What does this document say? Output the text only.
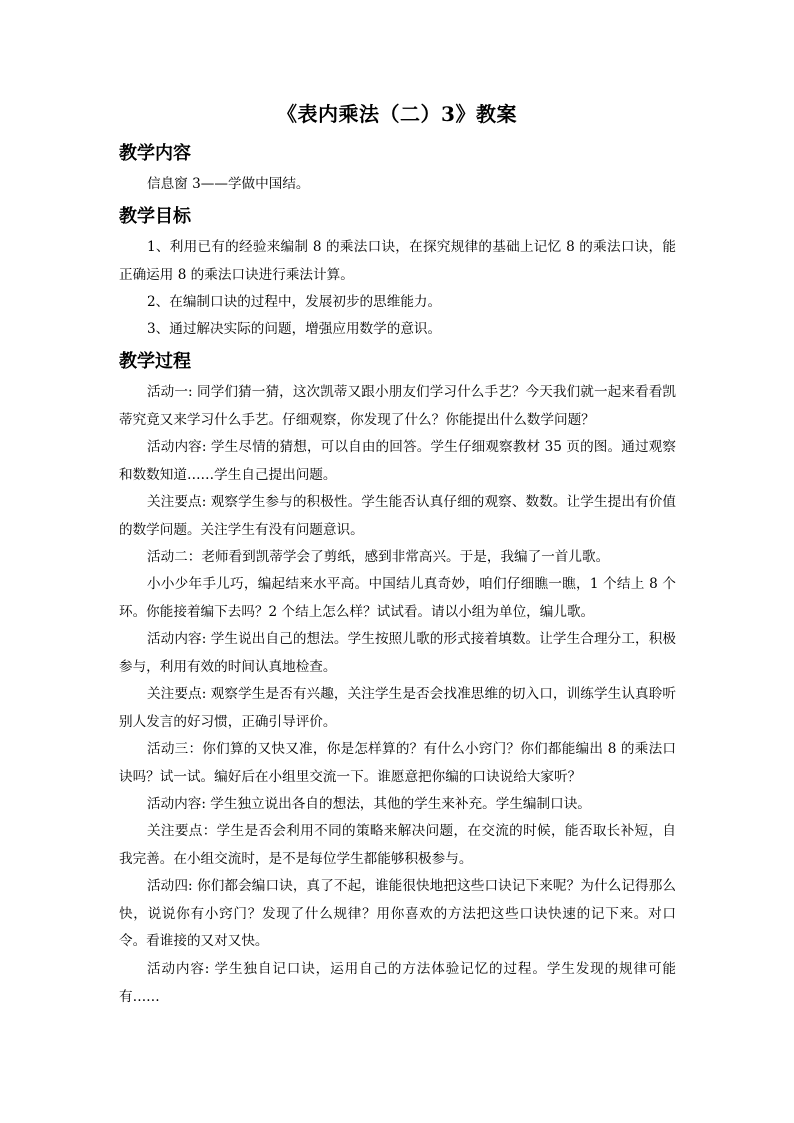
《表内乘法（二）3》教案
教学内容
信息窗 3——学做中国结。
教学目标
1、利用已有的经验来编制 8 的乘法口诀，在探究规律的基础上记忆 8 的乘法口诀，能正确运用 8 的乘法口诀进行乘法计算。
2、在编制口诀的过程中，发展初步的思维能力。
3、通过解决实际的问题，增强应用数学的意识。
教学过程
活动一: 同学们猜一猜，这次凯蒂又跟小朋友们学习什么手艺？今天我们就一起来看看凯蒂究竟又来学习什么手艺。仔细观察，你发现了什么？你能提出什么数学问题？
活动内容: 学生尽情的猜想，可以自由的回答。学生仔细观察教材 35 页的图。通过观察和数数知道……学生自己提出问题。
关注要点: 观察学生参与的积极性。学生能否认真仔细的观察、数数。让学生提出有价值的数学问题。关注学生有没有问题意识。
活动二：老师看到凯蒂学会了剪纸，感到非常高兴。于是，我编了一首儿歌。
小小少年手儿巧，编起结来水平高。中国结儿真奇妙，咱们仔细瞧一瞧，1 个结上 8 个环。你能接着编下去吗？2 个结上怎么样？试试看。请以小组为单位，编儿歌。
活动内容: 学生说出自己的想法。学生按照儿歌的形式接着填数。让学生合理分工，积极参与，利用有效的时间认真地检查。
关注要点: 观察学生是否有兴趣，关注学生是否会找准思维的切入口，训练学生认真聆听别人发言的好习惯，正确引导评价。
活动三：你们算的又快又准，你是怎样算的？有什么小窍门？你们都能编出 8 的乘法口诀吗？试一试。编好后在小组里交流一下。谁愿意把你编的口诀说给大家听？
活动内容: 学生独立说出各自的想法，其他的学生来补充。学生编制口诀。
关注要点：学生是否会利用不同的策略来解决问题，在交流的时候，能否取长补短，自我完善。在小组交流时，是不是每位学生都能够积极参与。
活动四: 你们都会编口诀，真了不起，谁能很快地把这些口诀记下来呢？为什么记得那么快，说说你有小窍门？发现了什么规律？用你喜欢的方法把这些口诀快速的记下来。对口令。看谁接的又对又快。
活动内容: 学生独自记口诀，运用自己的方法体验记忆的过程。学生发现的规律可能有……
